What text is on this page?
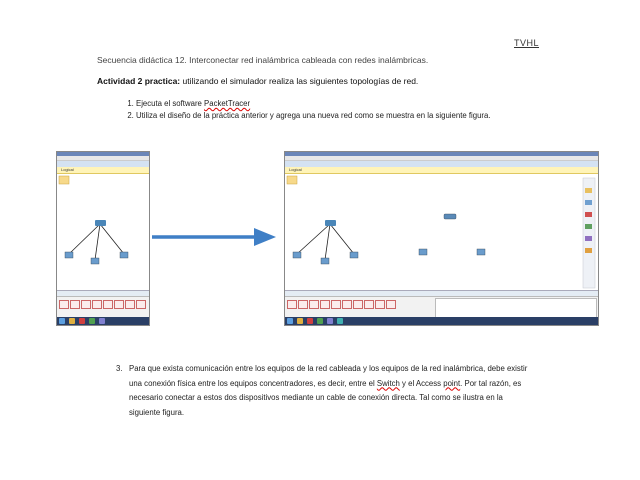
TVHL
Secuencia didáctica 12. Interconectar red inalámbrica cableada con redes inalámbricas.
Actividad 2 practica: utilizando el simulador realiza las siguientes topologías de red.
1. Ejecuta el software PacketTracer
2. Utiliza el diseño de la práctica anterior y agrega una nueva red como se muestra en la siguiente figura.
Logical	Logical
3. Para que exista comunicación entre los equipos de la red cableada y los equipos de la red inalámbrica, debe existir una conexión física entre los equipos concentradores, es decir, entre el Switch y el Access point. Por tal razón, es necesario conectar a estos dos dispositivos mediante un cable de conexión directa. Tal como se ilustra en la siguiente figura.
